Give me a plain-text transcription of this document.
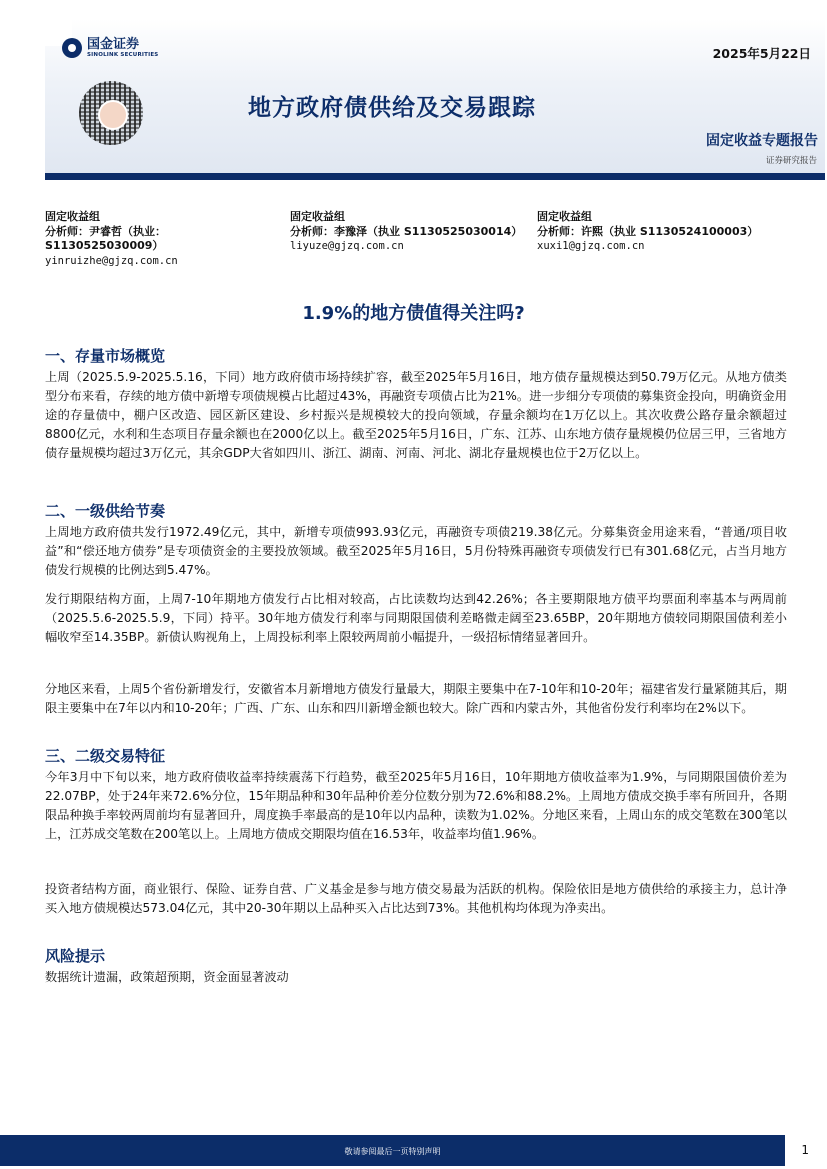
国金证券
SINOLINK SECURITIES	2025年5月22日
地方政府债供给及交易跟踪
固定收益专题报告
证券研究报告
固定收益组
分析师：尹睿哲（执业：
S1130525030009）
yinruizhe@gjzq.com.cn
固定收益组
分析师：李豫泽（执业 S1130525030014）
liyuze@gjzq.com.cn
固定收益组
分析师：许熙（执业 S1130524100003）
xuxi1@gjzq.com.cn
1.9%的地方债值得关注吗?
一、存量市场概览
上周（2025.5.9-2025.5.16，下同）地方政府债市场持续扩容，截至2025年5月16日，地方债存量规模达到50.79万亿元。从地方债类型分布来看，存续的地方债中新增专项债规模占比超过43%，再融资专项债占比为21%。进一步细分专项债的募集资金投向，明确资金用途的存量债中，棚户区改造、园区新区建设、乡村振兴是规模较大的投向领域，存量余额均在1万亿以上。其次收费公路存量余额超过8800亿元，水利和生态项目存量余额也在2000亿以上。截至2025年5月16日，广东、江苏、山东地方债存量规模仍位居三甲，三省地方债存量规模均超过3万亿元，其余GDP大省如四川、浙江、湖南、河南、河北、湖北存量规模也位于2万亿以上。
二、一级供给节奏
上周地方政府债共发行1972.49亿元，其中，新增专项债993.93亿元，再融资专项债219.38亿元。分募集资金用途来看，“普通/项目收益”和“偿还地方债券”是专项债资金的主要投放领域。截至2025年5月16日，5月份特殊再融资专项债发行已有301.68亿元，占当月地方债发行规模的比例达到5.47%。
发行期限结构方面，上周7-10年期地方债发行占比相对较高，占比读数均达到42.26%；各主要期限地方债平均票面利率基本与两周前（2025.5.6-2025.5.9，下同）持平。30年地方债发行利率与同期限国债利差略微走阔至23.65BP，20年期地方债较同期限国债利差小幅收窄至14.35BP。新债认购视角上，上周投标利率上限较两周前小幅提升，一级招标情绪显著回升。
分地区来看，上周5个省份新增发行，安徽省本月新增地方债发行量最大，期限主要集中在7-10年和10-20年；福建省发行量紧随其后，期限主要集中在7年以内和10-20年；广西、广东、山东和四川新增金额也较大。除广西和内蒙古外，其他省份发行利率均在2%以下。
三、二级交易特征
今年3月中下旬以来，地方政府债收益率持续震荡下行趋势，截至2025年5月16日，10年期地方债收益率为1.9%，与同期限国债价差为22.07BP，处于24年来72.6%分位，15年期品种和30年品种价差分位数分别为72.6%和88.2%。上周地方债成交换手率有所回升，各期限品种换手率较两周前均有显著回升，周度换手率最高的是10年以内品种，读数为1.02%。分地区来看，上周山东的成交笔数在300笔以上，江苏成交笔数在200笔以上。上周地方债成交期限均值在16.53年，收益率均值1.96%。
投资者结构方面，商业银行、保险、证券自营、广义基金是参与地方债交易最为活跃的机构。保险依旧是地方债供给的承接主力，总计净买入地方债规模达573.04亿元，其中20-30年期以上品种买入占比达到73%。其他机构均体现为净卖出。
风险提示
数据统计遗漏，政策超预期，资金面显著波动
敬请参阅最后一页特别声明	1
